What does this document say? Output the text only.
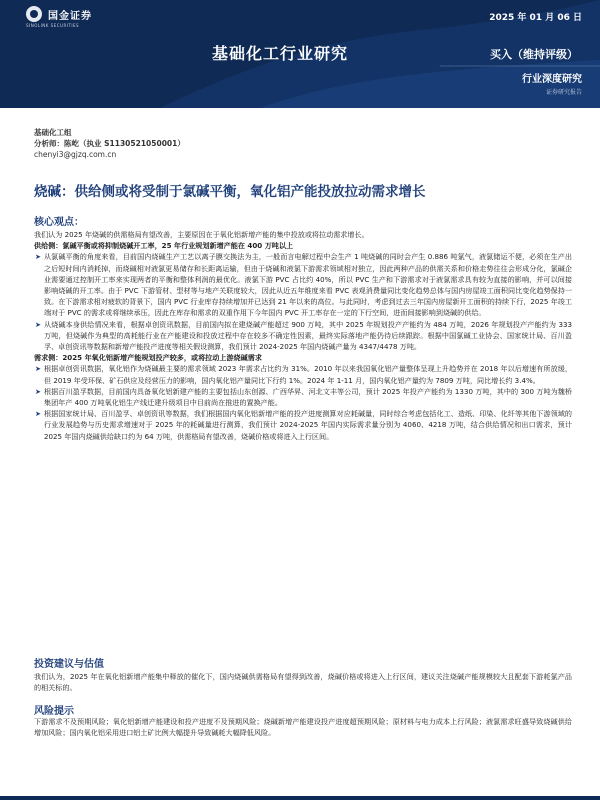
国金证券
SINOLINK SECURITIES
2025 年 01 月 06 日
基础化工行业研究	买入（维持评级）
行业深度研究
证券研究报告
基础化工组
分析师：陈屹（执业 S1130521050001）
chenyi3@gjzq.com.cn
烧碱：供给侧或将受制于氯碱平衡，氧化铝产能投放拉动需求增长
核心观点：

我们认为 2025 年烧碱的供需格局有望改善，主要原因在于氧化铝新增产能的集中投放或将拉动需求增长。

供给侧：氯碱平衡或将抑制烧碱开工率，25 年行业规划新增产能在 400 万吨以上

➤ 从氯碱平衡的角度来看，目前国内烧碱生产工艺以离子膜交换法为主，一般而言电解过程中会生产 1 吨烧碱的同时会产生 0.886 吨氯气，液氯储运不便，必须在生产出之后短时间内消耗掉，而烧碱相对液氯更易储存和长距离运输，但由于烧碱和液氯下游需求领域相对独立，因此两种产品的供需关系和价格走势往往会形成分化，氯碱企业需要通过控制开工率来实现两者的平衡和整体利润的最优化。液氯下游 PVC 占比约 40%，所以 PVC 生产和下游需求对于液氯需求具有较为直接的影响，并可以间接影响烧碱的开工率。由于 PVC 下游管材、型材等与地产关联度较大，因此从近五年维度来看 PVC 表观消费量同比变化趋势总体与国内房屋竣工面积同比变化趋势保持一致。在下游需求相对疲软的背景下，国内 PVC 行业库存持续增加并已达到 21 年以来的高位。与此同时，考虑到过去三年国内房屋新开工面积的持续下行，2025 年竣工端对于 PVC 的需求或将继续承压，因此在库存和需求的双重作用下今年国内 PVC 开工率存在一定的下行空间，进而间接影响到烧碱的供给。

➤ 从烧碱本身供给情况来看，根据卓创资讯数据，目前国内拟在建烧碱产能超过 900 万吨，其中 2025 年规划投产产能约为 484 万吨，2026 年规划投产产能约为 333 万吨，但烧碱作为典型的高耗能行业在产能建设和投放过程中存在较多不确定性因素，最终实际落地产能仍待后续跟踪。根据中国氯碱工业协会、国家统计局、百川盈孚、卓创资讯等数据和新增产能投产进度等相关假设测算，我们预计 2024-2025 年国内烧碱产量为 4347/4478 万吨。

需求侧：2025 年氧化铝新增产能规划投产较多，或将拉动上游烧碱需求

➤ 根据卓创资讯数据，氧化铝作为烧碱最主要的需求领域 2023 年需求占比约为 31%。2010 年以来我国氧化铝产量整体呈现上升趋势并在 2018 年以后增速有所放缓，但 2019 年受环保、矿石供应及经营压力的影响，国内氧化铝产量同比下行约 1%。2024 年 1-11 月，国内氧化铝产量约为 7809 万吨，同比增长约 3.4%。

➤ 根据百川盈孚数据，目前国内具备氧化铝新建产能的主要包括山东创源、广西华昇、河北文丰等公司，预计 2025 年投产产能约为 1330 万吨，其中的 300 万吨为魏桥集团年产 400 万吨氧化铝生产线迁建升级项目中目前尚在推进的置换产能。

➤ 根据国家统计局、百川盈孚、卓创资讯等数据，我们根据国内氧化铝新增产能的投产进度测算对应耗碱量，同时综合考虑包括化工、造纸、印染、化纤等其他下游领域的行业发展趋势与历史需求增速对于 2025 年的耗碱量进行测算，我们预计 2024-2025 年国内实际需求量分别为 4060、4218 万吨，结合供给情况和出口需求，预计 2025 年国内烧碱供给缺口约为 64 万吨，供需格局有望改善，烧碱价格或将进入上行区间。

投资建议与估值
我们认为，2025 年在氧化铝新增产能集中释放的催化下，国内烧碱供需格局有望得到改善，烧碱价格或将进入上行区间，建议关注烧碱产能规模较大且配套下游耗氯产品的相关标的。
风险提示
下游需求不及预期风险；氧化铝新增产能建设和投产进度不及预期风险；烧碱新增产能建设投产进度超预期风险；原材料与电力成本上行风险；液氯需求旺盛导致烧碱供给增加风险；国内氧化铝采用进口铝土矿比例大幅提升导致碱耗大幅降低风险。
